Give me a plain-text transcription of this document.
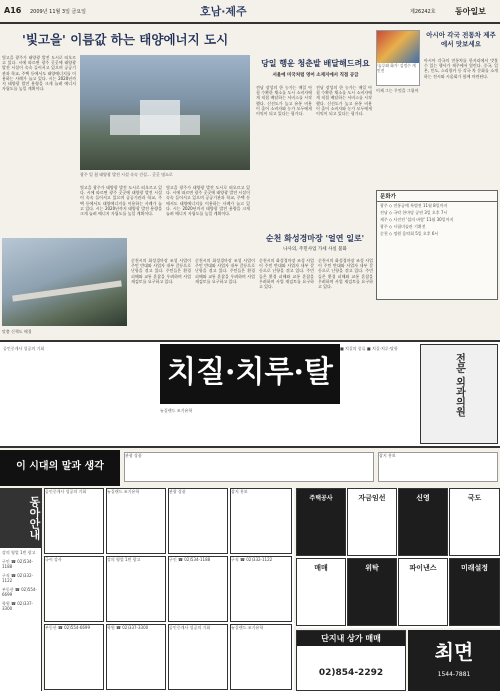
A16 2009년 11월 3일 금요일	호남·제주	제26242호 동아일보
'빛고을' 이름값 하는 태양에너지 도시
빛고을 광주가 태양광 발전 도시로 떠오르고 있다. 시에 따르면 광주 곳곳에 태양광 발전 시설이 속속 들어서고 있으며 공공기관과 학교, 주택 등에서도 태양에너지를 이용하는 사례가 늘고 있다. 시는 2020년까지 태양광 발전 용량을 크게 늘려 에너지 자립도를 높일 계획이다.
광주 일 첨 태양광 발전 시설 속속 건설… 곳곳 명소로
빛고을 광주가 태양광 발전 도시로 떠오르고 있다. 시에 따르면 광주 곳곳에 태양광 발전 시설이 속속 들어서고 있으며 공공기관과 학교, 주택 등에서도 태양에너지를 이용하는 사례가 늘고 있다. 시는 2020년까지 태양광 발전 용량을 크게 늘려 에너지 자립도를 높일 계획이다.
빛고을 광주가 태양광 발전 도시로 떠오르고 있다. 시에 따르면 광주 곳곳에 태양광 발전 시설이 속속 들어서고 있으며 공공기관과 학교, 주택 등에서도 태양에너지를 이용하는 사례가 늘고 있다. 시는 2020년까지 태양광 발전 용량을 크게 늘려 에너지 자립도를 높일 계획이다.
당일 행운 청춘밭 배달해드려요
서울에 미국처럼 영어 소재지에서 직접 공급
전남 장성의 한 농가는 매일 아침 수확한 채소를 도시 소비자에게 직접 배달하는 서비스를 시작했다. 신선도가 높고 유통 비용이 줄어 소비자와 농가 모두에게 이익이 되고 있다는 평가다.
전남 장성의 한 농가는 매일 아침 수확한 채소를 도시 소비자에게 직접 배달하는 서비스를 시작했다. 신선도가 높고 유통 비용이 줄어 소비자와 농가 모두에게 이익이 되고 있다는 평가다.
'놀루와 화가' 김정수 개인전
아시아 각국 전통차 제주에서 맛보세요
아시아 각국의 전통차를 한자리에서 맛볼 수 있는 행사가 제주에서 열린다. 중국, 일본, 인도, 스리랑카 등 각국 차 문화를 소개하는 전시와 시음회가 함께 마련된다.
이제 그는 무엇을 그릴까
문화가
광주 ◇ 전통공예 특별전 11월 8일까지
전남 ◇ 국악 한마당 공연 3일 오후 7시
제주 ◇ 사진전 '섬의 바람' 11월 30일까지
광주 ◇ 시립미술관 기획전
순천 ◇ 정원 음악회 5일 오후 6시
순천 화성경마장 '얼연 일로'
나사의, 주민사업 가세 사실 불화
맞춤 신책도 해경
순천시의 화성경마장 조성 사업이 주민 반대와 사업자 내부 갈등으로 난항을 겪고 있다. 주민들은 환경 피해와 교통 혼잡을 우려하며 사업 재검토를 요구하고 있다.
순천시의 화성경마장 조성 사업이 주민 반대와 사업자 내부 갈등으로 난항을 겪고 있다. 주민들은 환경 피해와 교통 혼잡을 우려하며 사업 재검토를 요구하고 있다.
순천시의 화성경마장 조성 사업이 주민 반대와 사업자 내부 갈등으로 난항을 겪고 있다. 주민들은 환경 피해와 교통 혼잡을 우려하며 사업 재검토를 요구하고 있다.
순천시의 화성경마장 조성 사업이 주민 반대와 사업자 내부 갈등으로 난항을 겪고 있다. 주민들은 환경 피해와 교통 혼잡을 우려하며 사업 재검토를 요구하고 있다.
공인중개사 성공의 기회
치질·치루·탈항
■ 치질의 종류 ■ 치질·치루·탈항
전문 외과의원
뉴질랜드 조기유학
이 시대의 말과 생각
관광 상품	잡지 홍보
동아안내
강의 영업 1번 광고
구인 ☎ 02)534-1188
구직 ☎ 02)332-1122
부동산 ☎ 02)554-6699
학원 ☎ 02)337-3300
공인중개사 성공의 기회	뉴질랜드 조기유학	관광 상품	잡지 홍보
국어 강사	강의 영업 1번 광고	구인 ☎ 02)534-1188	구직 ☎ 02)332-1122
부동산 ☎ 02)554-6699	학원 ☎ 02)337-3300	공인중개사 성공의 기회	뉴질랜드 조기유학
주택공사	자금임선	신영	국도
매매	위탁	파이낸스	미래설정
단지내 상가 매매
02)854-2292
최면
1544-7881
